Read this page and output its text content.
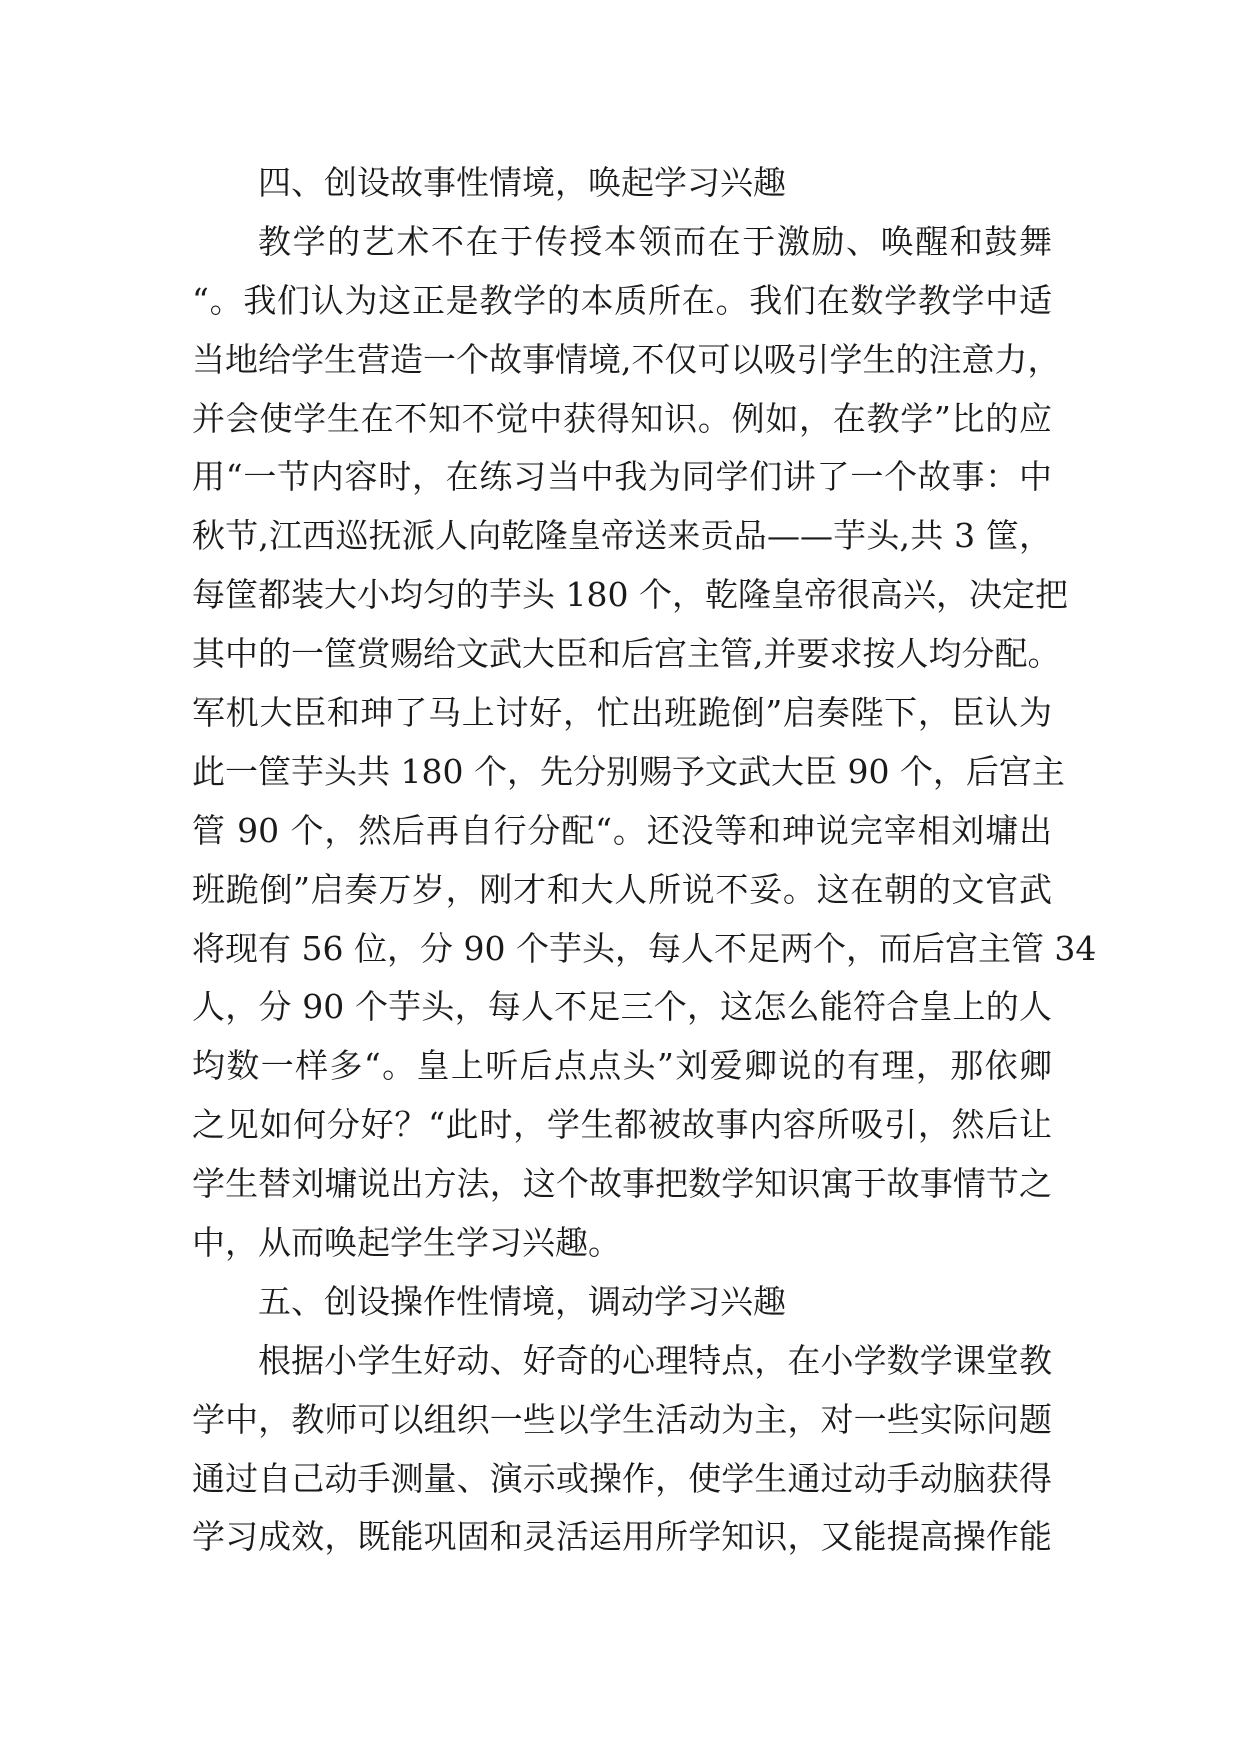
四、创设故事性情境，唤起学习兴趣
教学的艺术不在于传授本领而在于激励、唤醒和鼓舞
“。我们认为这正是教学的本质所在。我们在数学教学中适
当地给学生营造一个故事情境,不仅可以吸引学生的注意力，
并会使学生在不知不觉中获得知识。例如，在教学”比的应
用“一节内容时，在练习当中我为同学们讲了一个故事：中
秋节,江西巡抚派人向乾隆皇帝送来贡品——芋头,共 3 筐，
每筐都装大小均匀的芋头 180 个，乾隆皇帝很高兴，决定把
其中的一筐赏赐给文武大臣和后宫主管,并要求按人均分配。
军机大臣和珅了马上讨好，忙出班跪倒”启奏陛下，臣认为
此一筐芋头共 180 个，先分别赐予文武大臣 90 个，后宫主
管 90 个，然后再自行分配“。还没等和珅说完宰相刘墉出
班跪倒”启奏万岁，刚才和大人所说不妥。这在朝的文官武
将现有 56 位，分 90 个芋头，每人不足两个，而后宫主管 34
人，分 90 个芋头，每人不足三个，这怎么能符合皇上的人
均数一样多“。皇上听后点点头”刘爱卿说的有理，那依卿
之见如何分好？“此时，学生都被故事内容所吸引，然后让
学生替刘墉说出方法，这个故事把数学知识寓于故事情节之
中，从而唤起学生学习兴趣。
五、创设操作性情境，调动学习兴趣
根据小学生好动、好奇的心理特点，在小学数学课堂教
学中，教师可以组织一些以学生活动为主，对一些实际问题
通过自己动手测量、演示或操作，使学生通过动手动脑获得
学习成效，既能巩固和灵活运用所学知识，又能提高操作能
